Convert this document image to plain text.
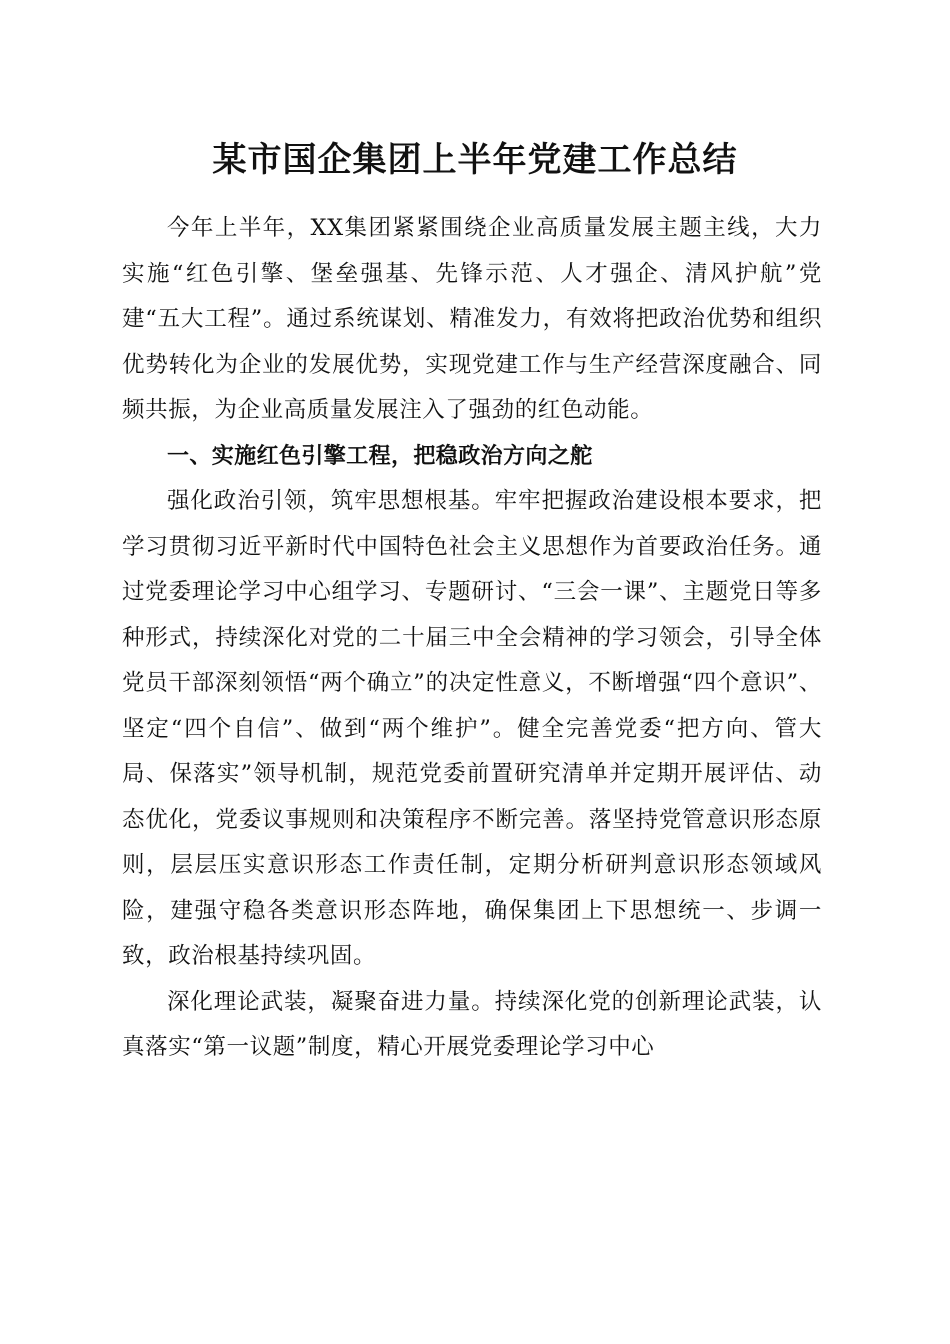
某市国企集团上半年党建工作总结

今年上半年，XX集团紧紧围绕企业高质量发展主题主线，大力实施“红色引擎、堡垒强基、先锋示范、人才强企、清风护航”党建“五大工程”。通过系统谋划、精准发力，有效将把政治优势和组织优势转化为企业的发展优势，实现党建工作与生产经营深度融合、同频共振，为企业高质量发展注入了强劲的红色动能。

一、实施红色引擎工程，把稳政治方向之舵

强化政治引领，筑牢思想根基。牢牢把握政治建设根本要求，把学习贯彻习近平新时代中国特色社会主义思想作为首要政治任务。通过党委理论学习中心组学习、专题研讨、“三会一课”、主题党日等多种形式，持续深化对党的二十届三中全会精神的学习领会，引导全体党员干部深刻领悟“两个确立”的决定性意义，不断增强“四个意识”、坚定“四个自信”、做到“两个维护”。健全完善党委“把方向、管大局、保落实”领导机制，规范党委前置研究清单并定期开展评估、动态优化，党委议事规则和决策程序不断完善。落坚持党管意识形态原则，层层压实意识形态工作责任制，定期分析研判意识形态领域风险，建强守稳各类意识形态阵地，确保集团上下思想统一、步调一致，政治根基持续巩固。

深化理论武装，凝聚奋进力量。持续深化党的创新理论武装，认真落实“第一议题”制度，精心开展党委理论学习中心
